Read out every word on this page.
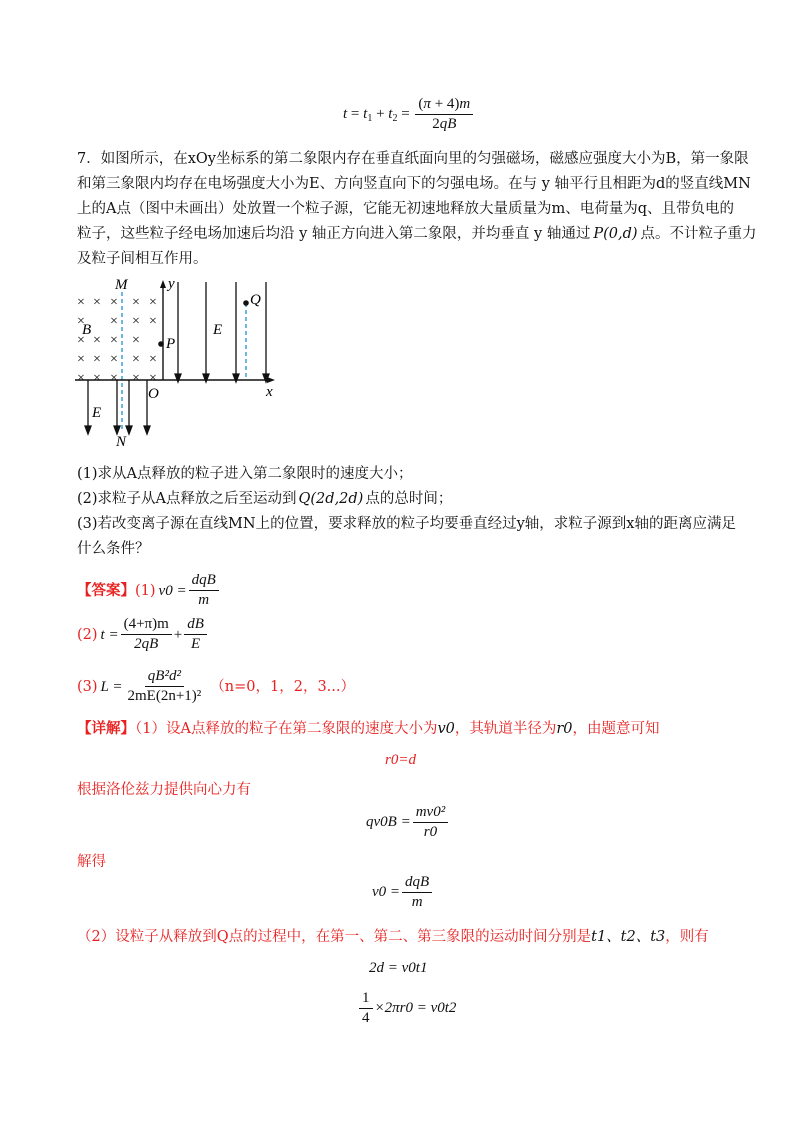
$t = t_1 + t_2 = \frac{(\pi + 4)m}{2qB}$
7．如图所示，在xOy坐标系的第二象限内存在垂直纸面向里的匀强磁场，磁感应强度大小为B，第一象限
和第三象限内均存在电场强度大小为E、方向竖直向下的匀强电场。在与 y 轴平行且相距为d的竖直线MN
上的A点（图中未画出）处放置一个粒子源，它能无初速地释放大量质量为m、电荷量为q、且带负电的
粒子，这些粒子经电场加速后均沿 y 轴正方向进入第二象限，并均垂直 y 轴通过 P(0,d) 点。不计粒子重力
及粒子间相互作用。
× × × × ×
× × × ×
× × × ×
× × × × ×
× × × × ×
B
M
N
x
y
O
P
E
Q
E
(1)求从A点释放的粒子进入第二象限时的速度大小；
(2)求粒子从A点释放之后至运动到 Q(2d,2d) 点的总时间；
(3)若改变离子源在直线MN上的位置，要求释放的粒子均要垂直经过y轴，求粒子源到x轴的距离应满足
什么条件？
【答案】 (1) $v0 = \frac{\text{dqB}}{m}$
(2) $t = \frac{(4+\pi)m}{2qB} + \frac{dB}{E}$
(3) $L = \frac{\text{qB²d²}}{\text{2mE(2n+1)²}} (n=0$，1，2，3...）
【详解】（1）设A点释放的粒子在第二象限的速度大小为v0，其轨道半径为r0，由题意可知
r0=d
根据洛伦兹力提供向心力有
$qv0B = \frac{\text{mv0²}}{r0}$
解得
$v0 = \frac{\text{dqB}}{m}$
（2）设粒子从释放到Q点的过程中，在第一、第二、第三象限的运动时间分别是t1、t2、t3，则有
2d = v0t1
$\frac{1}{4} \times 2\pi r0 = v0t2$
